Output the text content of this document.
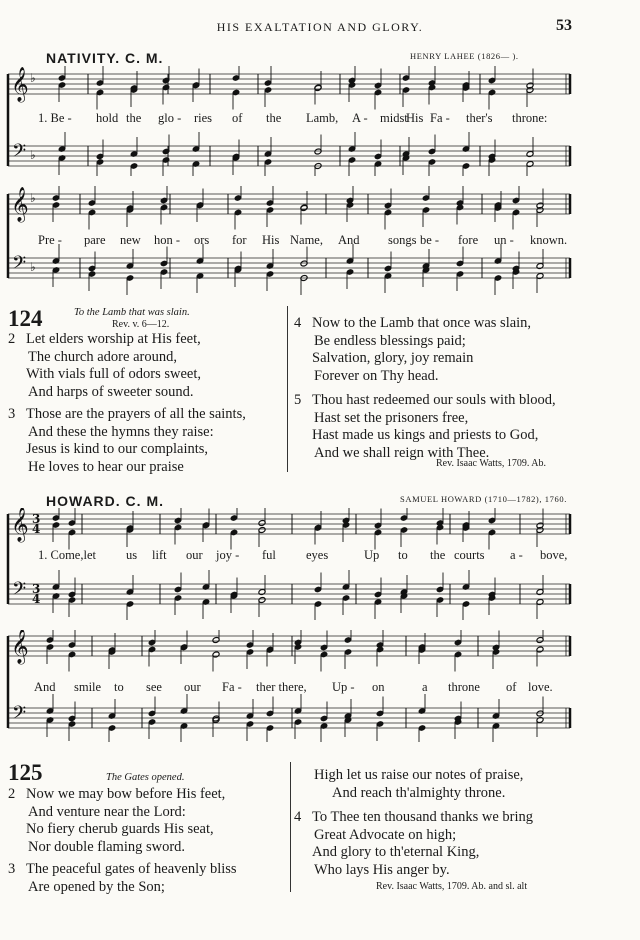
HIS EXALTATION AND GLORY.	53
NATIVITY. C. M.	HENRY LAHEE (1826— ).
𝄞
𝄢
♭
♭
1. Be - hold the glo - ries of the Lamb, A - midst
His Fa - ther's throne:
𝄞
𝄢
♭
♭
Pre - pare new hon - ors for His Name, And songs be - fore un - known.
124	To the Lamb that was slain.
Rev. v. 6—12.
2 Let elders worship at His feet,
The church adore around,
With vials full of odors sweet,
And harps of sweeter sound.
3 Those are the prayers of all the saints,
And these the hymns they raise:
Jesus is kind to our complaints,
He loves to hear our praise
4 Now to the Lamb that once was slain,
Be endless blessings paid;
Salvation, glory, joy remain
Forever on Thy head.
5 Thou hast redeemed our souls with blood,
Hast set the prisoners free,
Hast made us kings and priests to God,
And we shall reign with Thee.
Rev. Isaac Watts, 1709. Ab.
HOWARD. C. M.	SAMUEL HOWARD (1710—1782), 1760.
𝄞
𝄢
3
4
3
4
1. Come,let us lift our joy - ful eyes	Up to the courts a - bove,
𝄞
𝄢
And smile to see our Fa - ther there, Up - on	a throne of love.
125	The Gates opened.
2 Now we may bow before His feet,
And venture near the Lord:
No fiery cherub guards His seat,
Nor double flaming sword.
3 The peaceful gates of heavenly bliss
Are opened by the Son;
High let us raise our notes of praise,
And reach th'almighty throne.
4 To Thee ten thousand thanks we bring
Great Advocate on high;
And glory to th'eternal King,
Who lays His anger by.
Rev. Isaac Watts, 1709. Ab. and sl. alt
